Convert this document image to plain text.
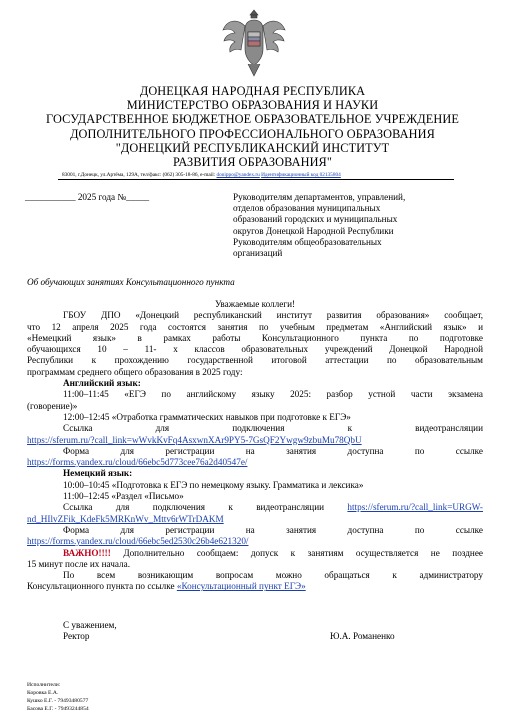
ДОНЕЦКАЯ НАРОДНАЯ РЕСПУБЛИКА
МИНИСТЕРСТВО ОБРАЗОВАНИЯ И НАУКИ
ГОСУДАРСТВЕННОЕ БЮДЖЕТНОЕ ОБРАЗОВАТЕЛЬНОЕ УЧРЕЖДЕНИЕ
ДОПОЛНИТЕЛЬНОГО ПРОФЕССИОНАЛЬНОГО ОБРАЗОВАНИЯ
"ДОНЕЦКИЙ РЕСПУБЛИКАНСКИЙ ИНСТИТУТ
РАЗВИТИЯ ОБРАЗОВАНИЯ"
83001, г.Донецк, ул.Артёма, 129А, тел/факс: (062) 305-18-86, e-mail: donippo@yandex.ru Идентификационный код 02135804
___________ 2025 года №_____	Руководителям департаментов, управлений,
отделов образования муниципальных
образований городских и муниципальных
округов Донецкой Народной Республики
Руководителям общеобразовательных
организаций
Об обучающих занятиях Консультационного пункта
Уважаемые коллеги!
ГБОУ ДПО «Донецкий республиканский институт развития образования» сообщает,
что 12 апреля 2025 года состоятся занятия по учебным предметам «Английский язык» и
«Немецкий язык» в рамках работы Консультационного пункта по подготовке
обучающихся 10 – 11- х классов образовательных учреждений Донецкой Народной
Республики к прохождению государственной итоговой аттестации по образовательным
программам среднего общего образования в 2025 году:
Английский язык:
11:00–11:45 «ЕГЭ по английскому языку 2025: разбор устной части экзамена
(говорение)»
12:00–12:45 «Отработка грамматических навыков при подготовке к ЕГЭ»
Ссылка для подключения к видеотрансляции
https://sferum.ru/?call_link=wWvkKvFq4AsxwnXAr9PY5-7GsQF2Ywgw9zbuMu78QbU
Форма для регистрации на занятия доступна по ссылке
https://forms.yandex.ru/cloud/66ebc5d773cee76a2d40547e/
Немецкий язык:
10:00–10:45 «Подготовка к ЕГЭ по немецкому языку. Грамматика и лексика»
11:00–12:45 «Раздел «Письмо»
Ссылка для подключения к видеотрансляции	https://sferum.ru/?call_link=URGW-
nd_HIlvZFik_KdeFk5MRKnWv_Mttv6rWTrDAKM
Форма для регистрации на занятия доступна по ссылке
https://forms.yandex.ru/cloud/66ebc5ed2530c26b4e621320/
ВАЖНО!!!! Дополнительно сообщаем: допуск к занятиям осуществляется не позднее
15 минут после их начала.
По всем возникающим вопросам можно обращаться к администратору
Консультационного пункта по ссылке «Консультационный пункт ЕГЭ»
С уважением,
Ректор	Ю.А. Романенко
Исполнители:
Коровка Е.А.
Кушко Е.Г. - 79493480577
Басова Е.Г. - 79493244854
